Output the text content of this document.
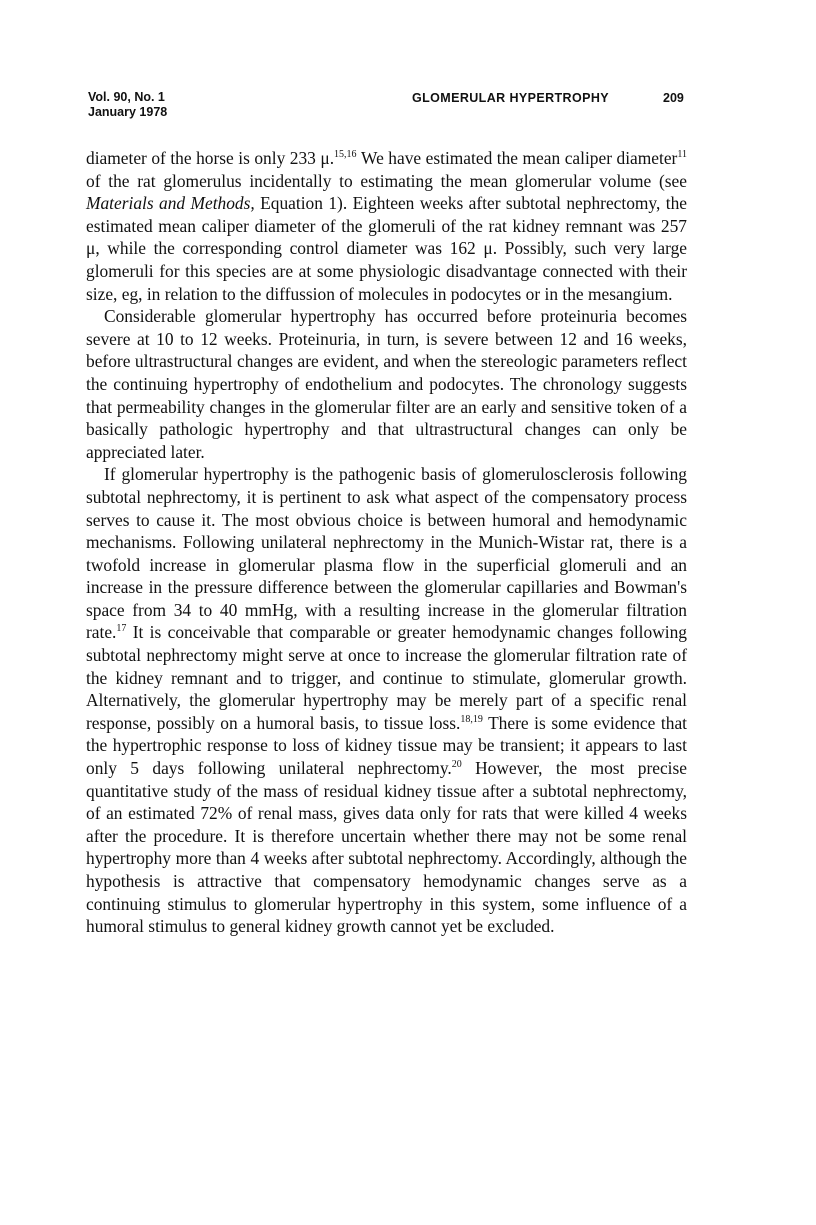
Vol. 90, No. 1
January 1978
GLOMERULAR HYPERTROPHY	209

diameter of the horse is only 233 μ.$^{15,16}$ We have estimated the mean caliper diameter$^{11}$ of the rat glomerulus incidentally to estimating the mean glomerular volume (see Materials and Methods, Equation 1). Eighteen weeks after subtotal nephrectomy, the estimated mean caliper diameter of the glomeruli of the rat kidney remnant was 257 μ, while the corresponding control diameter was 162 μ. Possibly, such very large glomeruli for this species are at some physiologic disadvantage connected with their size, eg, in relation to the diffussion of molecules in podocytes or in the mesangium.

Considerable glomerular hypertrophy has occurred before proteinuria becomes severe at 10 to 12 weeks. Proteinuria, in turn, is severe between 12 and 16 weeks, before ultrastructural changes are evident, and when the stereologic parameters reflect the continuing hypertrophy of endothelium and podocytes. The chronology suggests that permeability changes in the glomerular filter are an early and sensitive token of a basically pathologic hypertrophy and that ultrastructural changes can only be appreciated later.

If glomerular hypertrophy is the pathogenic basis of glomerulosclerosis following subtotal nephrectomy, it is pertinent to ask what aspect of the compensatory process serves to cause it. The most obvious choice is between humoral and hemodynamic mechanisms. Following unilateral nephrectomy in the Munich-Wistar rat, there is a twofold increase in glomerular plasma flow in the superficial glomeruli and an increase in the pressure difference between the glomerular capillaries and Bowman's space from 34 to 40 mmHg, with a resulting increase in the glomerular filtration rate.$^{17}$ It is conceivable that comparable or greater hemodynamic changes following subtotal nephrectomy might serve at once to increase the glomerular filtration rate of the kidney remnant and to trigger, and continue to stimulate, glomerular growth. Alternatively, the glomerular hypertrophy may be merely part of a specific renal response, possibly on a humoral basis, to tissue loss.$^{18,19}$ There is some evidence that the hypertrophic response to loss of kidney tissue may be transient; it appears to last only 5 days following unilateral nephrectomy.$^{20}$ However, the most precise quantitative study of the mass of residual kidney tissue after a subtotal nephrectomy, of an estimated 72% of renal mass, gives data only for rats that were killed 4 weeks after the procedure. It is therefore uncertain whether there may not be some renal hypertrophy more than 4 weeks after subtotal nephrectomy. Accordingly, although the hypothesis is attractive that compensatory hemodynamic changes serve as a continuing stimulus to glomerular hypertrophy in this system, some influence of a humoral stimulus to general kidney growth cannot yet be excluded.
